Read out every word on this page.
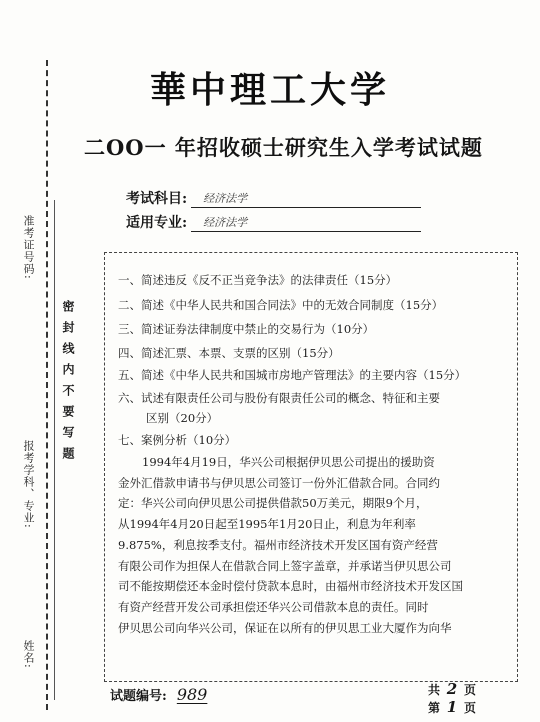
准考证号码:
报考学科、专业:
姓名:
密封线内不要写题
華中理工大学
二OO一 年招收硕士研究生入学考试试题
考试科目: 经济法学
适用专业: 经济法学
一、简述违反《反不正当竞争法》的法律责任（15分）
二、简述《中华人民共和国合同法》中的无效合同制度（15分）
三、简述证券法律制度中禁止的交易行为（10分）
四、简述汇票、本票、支票的区别（15分）
五、简述《中华人民共和国城市房地产管理法》的主要内容（15分）
六、试述有限责任公司与股份有限责任公司的概念、特征和主要
区别（20分）
七、案例分析（10分）

1994年4月19日，华兴公司根据伊贝思公司提出的援助资

金外汇借款申请书与伊贝思公司签订一份外汇借款合同。合同约

定：华兴公司向伊贝思公司提供借款50万美元，期限9个月，

从1994年4月20日起至1995年1月20日止，利息为年利率

9.875%，利息按季支付。福州市经济技术开发区国有资产经营

有限公司作为担保人在借款合同上签字盖章，并承诺当伊贝思公司

司不能按期偿还本金时偿付贷款本息时，由福州市经济技术开发区国

有资产经营开发公司承担偿还华兴公司借款本息的责任。同时

伊贝思公司向华兴公司，保证在以所有的伊贝思工业大厦作为向华

试题编号: 989	共 2 页
第 1 页
